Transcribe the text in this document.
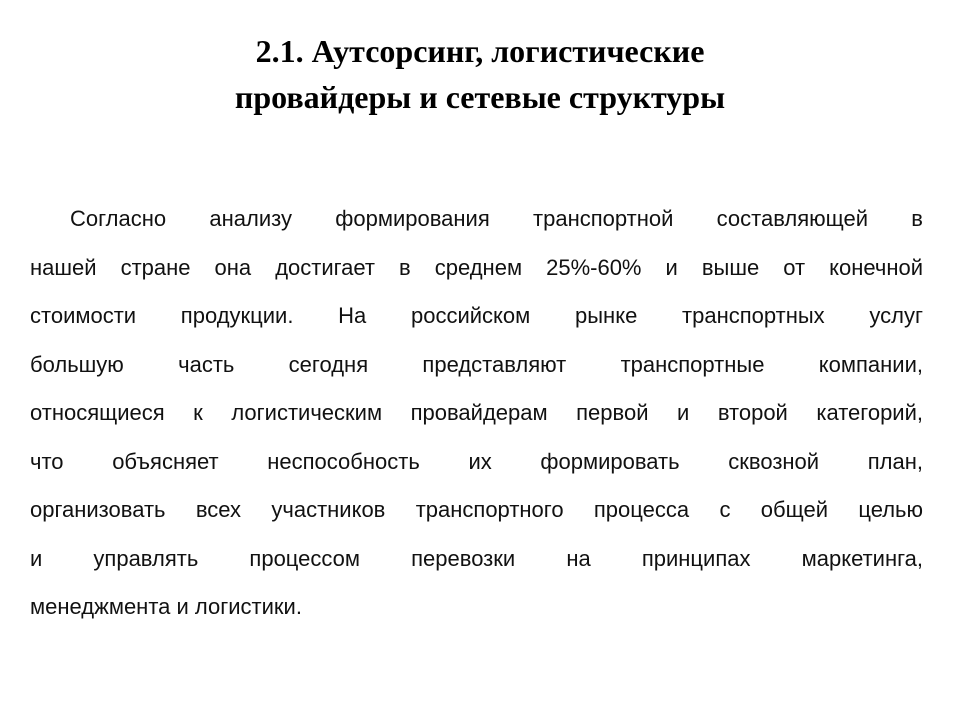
2.1. Аутсорсинг, логистические
провайдеры и сетевые структуры
Согласно анализу формирования транспортной составляющей в
нашей стране она достигает в среднем 25%-60% и выше от конечной
стоимости продукции. На российском рынке транспортных услуг
большую часть сегодня представляют транспортные компании,
относящиеся к логистическим провайдерам первой и второй категорий,
что объясняет неспособность их формировать сквозной план,
организовать всех участников транспортного процесса с общей целью
и управлять процессом перевозки на принципах маркетинга,
менеджмента и логистики.
